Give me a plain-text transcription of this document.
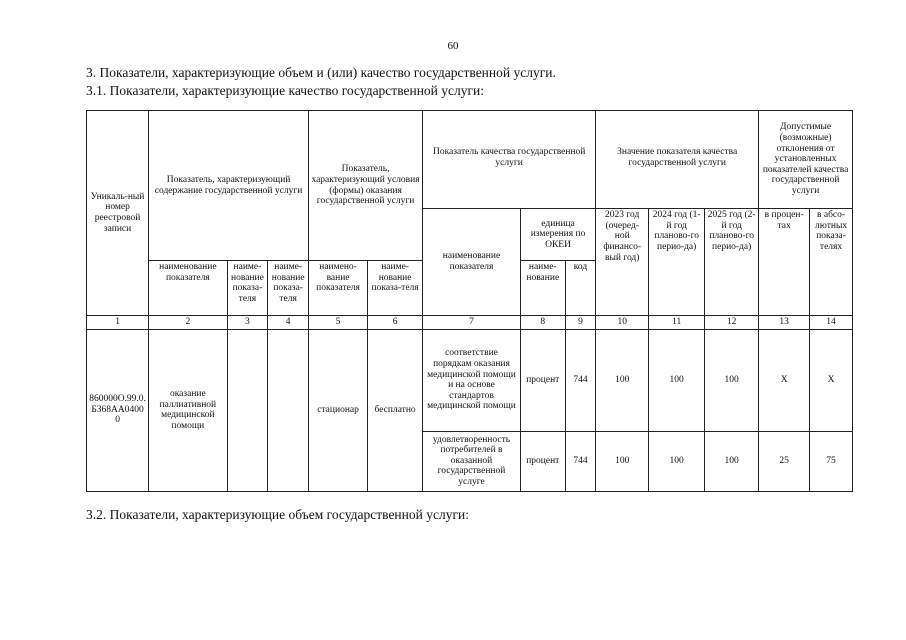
60
3. Показатели, характеризующие объем и (или) качество государственной услуги.
3.1. Показатели, характеризующие качество государственной услуги:
Уникаль-ный номер реестровой записи	Показатель, характеризующий содержание государственной услуги			Показатель, характеризующий условия (формы) оказания государственной услуги		Показатель качества государственной услуги			Значение показателя качества государственной услуги			Допустимые (возможные) отклонения от установленных показателей качества государственной услуги	
						наименование показателя	единица измерения по ОКЕИ		2023 год (очеред-ной финансо-вый год)	2024 год (1-й год планово-го перио-да)	2025 год (2-й год планово-го перио-да)	в процен-тах	в абсо-лютных показа-телях
	наименование показателя	наиме-нование показа-теля	наиме-нование показа-теля	наимено-вание показателя	наиме-нование показа-теля		наиме-нование	код					
1	2	3	4	5	6	7	8	9	10	11	12	13	14
860000О.99.0.БЗ68АА04000	оказание паллиативной медицинской помощи			стационар	бесплатно	соответствие порядкам оказания медицинской помощи и на основе стандартов медицинской помощи	процент	744	100	100	100	Х	Х
						удовлетворенность потребителей в оказанной государственной услуге	процент	744	100	100	100	25	75
3.2. Показатели, характеризующие объем государственной услуги:
